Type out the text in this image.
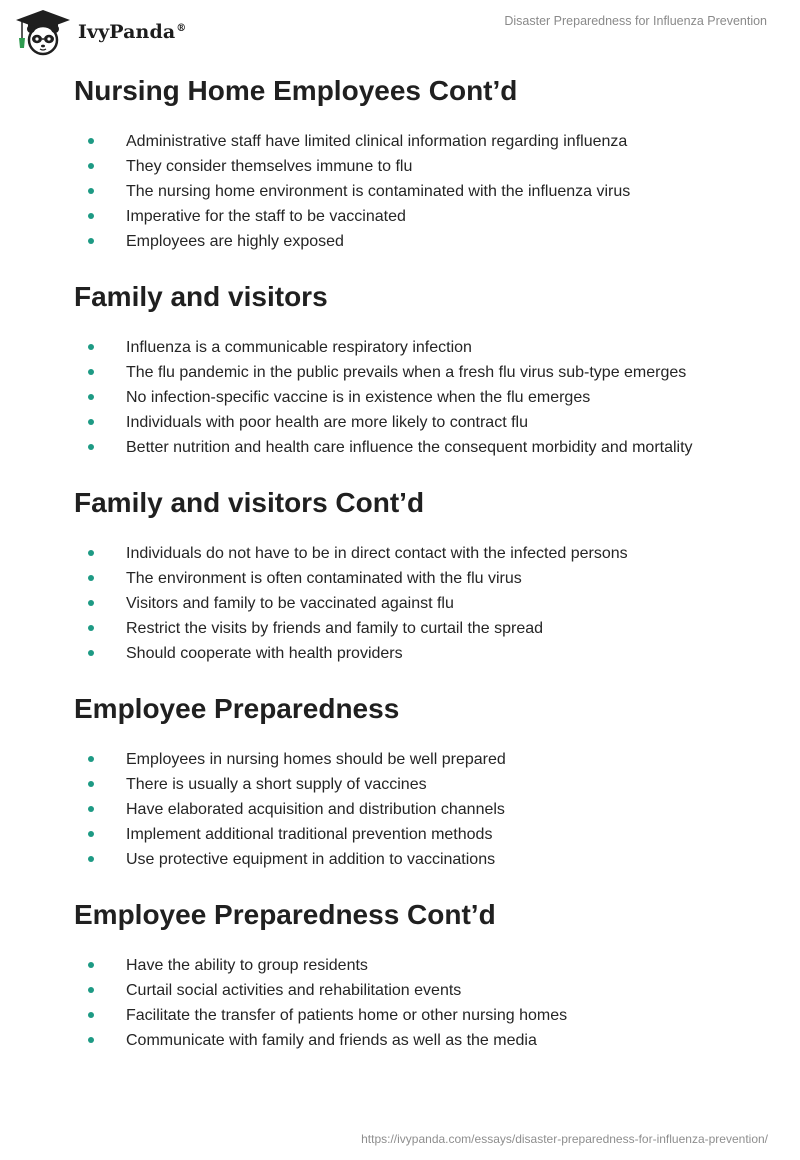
IvyPanda®
Disaster Preparedness for Influenza Prevention
Nursing Home Employees Cont’d
Administrative staff have limited clinical information regarding influenza
They consider themselves immune to flu
The nursing home environment is contaminated with the influenza virus
Imperative for the staff to be vaccinated
Employees are highly exposed
Family and visitors
Influenza is a communicable respiratory infection
The flu pandemic in the public prevails when a fresh flu virus sub-type emerges
No infection-specific vaccine is in existence when the flu emerges
Individuals with poor health are more likely to contract flu
Better nutrition and health care influence the consequent morbidity and mortality
Family and visitors Cont’d
Individuals do not have to be in direct contact with the infected persons
The environment is often contaminated with the flu virus
Visitors and family to be vaccinated against flu
Restrict the visits by friends and family to curtail the spread
Should cooperate with health providers
Employee Preparedness
Employees in nursing homes should be well prepared
There is usually a short supply of vaccines
Have elaborated acquisition and distribution channels
Implement additional traditional prevention methods
Use protective equipment in addition to vaccinations
Employee Preparedness Cont’d
Have the ability to group residents
Curtail social activities and rehabilitation events
Facilitate the transfer of patients home or other nursing homes
Communicate with family and friends as well as the media
https://ivypanda.com/essays/disaster-preparedness-for-influenza-prevention/
